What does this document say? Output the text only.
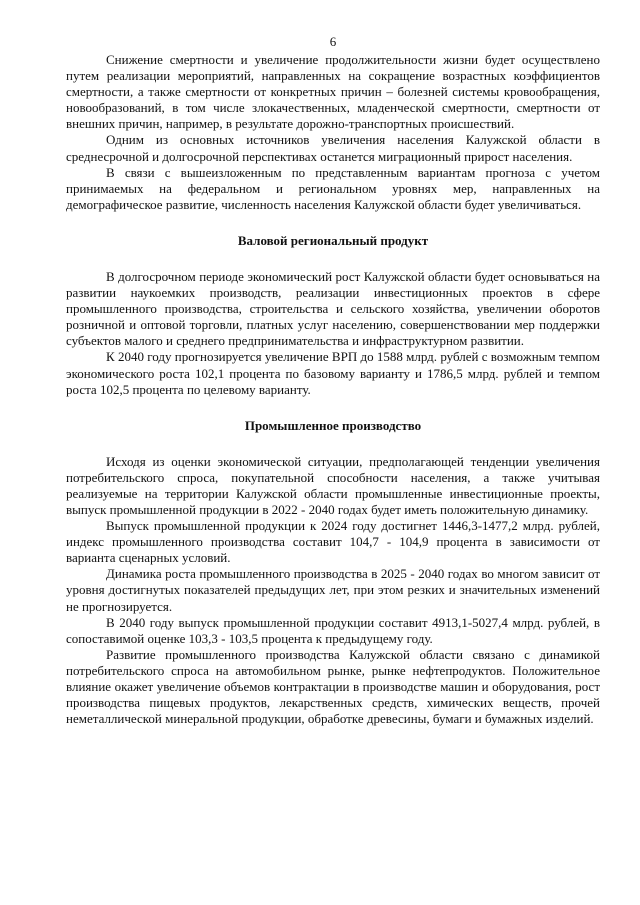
6

Снижение смертности и увеличение продолжительности жизни будет осуществлено путем реализации мероприятий, направленных на сокращение возрастных коэффициентов смертности, а также смертности от конкретных причин – болезней системы кровообращения, новообразований, в том числе злокачественных, младенческой смертности, смертности от внешних причин, например, в результате дорожно-транспортных происшествий.

Одним из основных источников увеличения населения Калужской области в среднесрочной и долгосрочной перспективах останется миграционный прирост населения.

В связи с вышеизложенным по представленным вариантам прогноза с учетом принимаемых на федеральном и региональном уровнях мер, направленных на демографическое развитие, численность населения Калужской области будет увеличиваться.

Валовой региональный продукт

В долгосрочном периоде экономический рост Калужской области будет основываться на развитии наукоемких производств, реализации инвестиционных проектов в сфере промышленного производства, строительства и сельского хозяйства, увеличении оборотов розничной и оптовой торговли, платных услуг населению, совершенствовании мер поддержки субъектов малого и среднего предпринимательства и инфраструктурном развитии.

К 2040 году прогнозируется увеличение ВРП до 1588 млрд. рублей с возможным темпом экономического роста 102,1 процента по базовому варианту и 1786,5 млрд. рублей и темпом роста 102,5 процента по целевому варианту.

Промышленное производство

Исходя из оценки экономической ситуации, предполагающей тенденции увеличения потребительского спроса, покупательной способности населения, а также учитывая реализуемые на территории Калужской области промышленные инвестиционные проекты, выпуск промышленной продукции в 2022 - 2040 годах будет иметь положительную динамику.

Выпуск промышленной продукции к 2024 году достигнет 1446,3-1477,2 млрд. рублей, индекс промышленного производства составит 104,7 - 104,9 процента в зависимости от варианта сценарных условий.

Динамика роста промышленного производства в 2025 - 2040 годах во многом зависит от уровня достигнутых показателей предыдущих лет, при этом резких и значительных изменений не прогнозируется.

В 2040 году выпуск промышленной продукции составит 4913,1-5027,4 млрд. рублей, в сопоставимой оценке 103,3 - 103,5 процента к предыдущему году.

Развитие промышленного производства Калужской области связано с динамикой потребительского спроса на автомобильном рынке, рынке нефтепродуктов. Положительное влияние окажет увеличение объемов контрактации в производстве машин и оборудования, рост производства пищевых продуктов, лекарственных средств, химических веществ, прочей неметаллической минеральной продукции, обработке древесины, бумаги и бумажных изделий.
